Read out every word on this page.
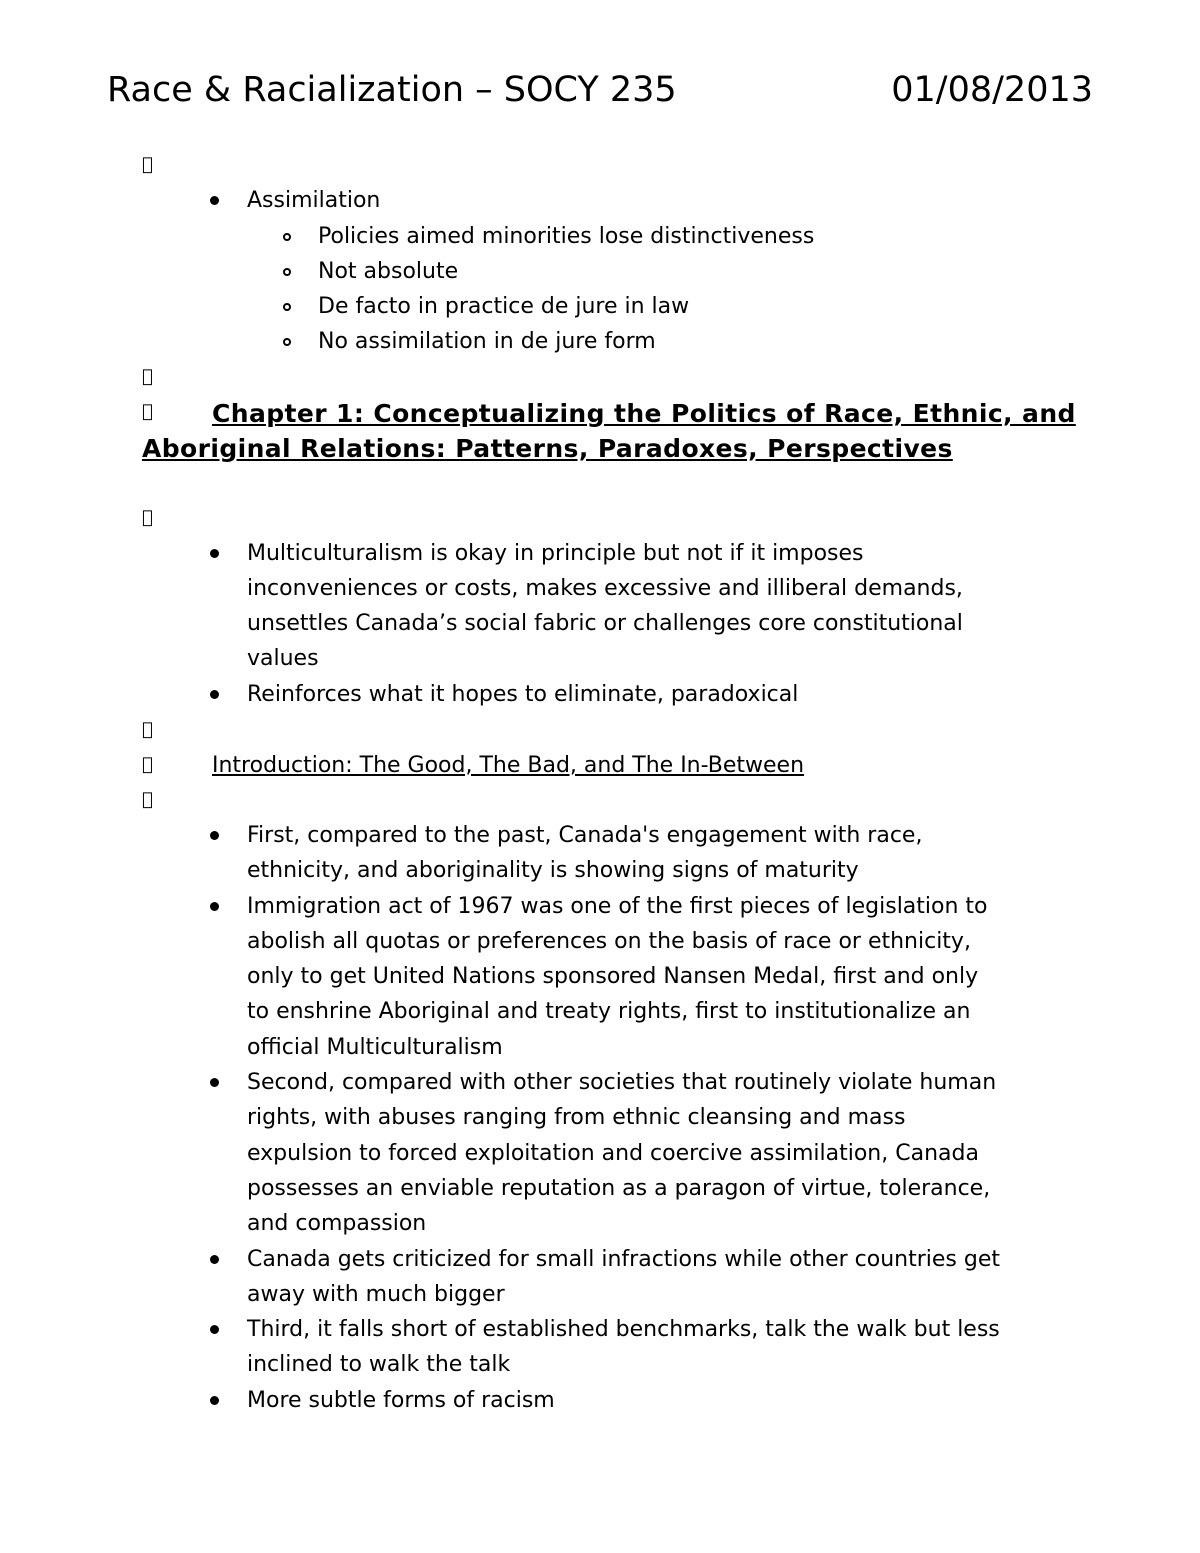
Race & Racialization – SOCY 235	01/08/2013
Assimilation
Policies aimed minorities lose distinctiveness
Not absolute
De facto in practice de jure in law
No assimilation in de jure form
Chapter 1: Conceptualizing the Politics of Race, Ethnic, and Aboriginal Relations: Patterns, Paradoxes, Perspectives
Multiculturalism is okay in principle but not if it imposes
inconveniences or costs, makes excessive and illiberal demands,
unsettles Canada’s social fabric or challenges core constitutional
values
Reinforces what it hopes to eliminate, paradoxical
Introduction: The Good, The Bad, and The In-Between
First, compared to the past, Canada's engagement with race,
ethnicity, and aboriginality is showing signs of maturity
Immigration act of 1967 was one of the first pieces of legislation to
abolish all quotas or preferences on the basis of race or ethnicity,
only to get United Nations sponsored Nansen Medal, first and only
to enshrine Aboriginal and treaty rights, first to institutionalize an
official Multiculturalism
Second, compared with other societies that routinely violate human
rights, with abuses ranging from ethnic cleansing and mass
expulsion to forced exploitation and coercive assimilation, Canada
possesses an enviable reputation as a paragon of virtue, tolerance,
and compassion
Canada gets criticized for small infractions while other countries get
away with much bigger
Third, it falls short of established benchmarks, talk the walk but less
inclined to walk the talk
More subtle forms of racism
